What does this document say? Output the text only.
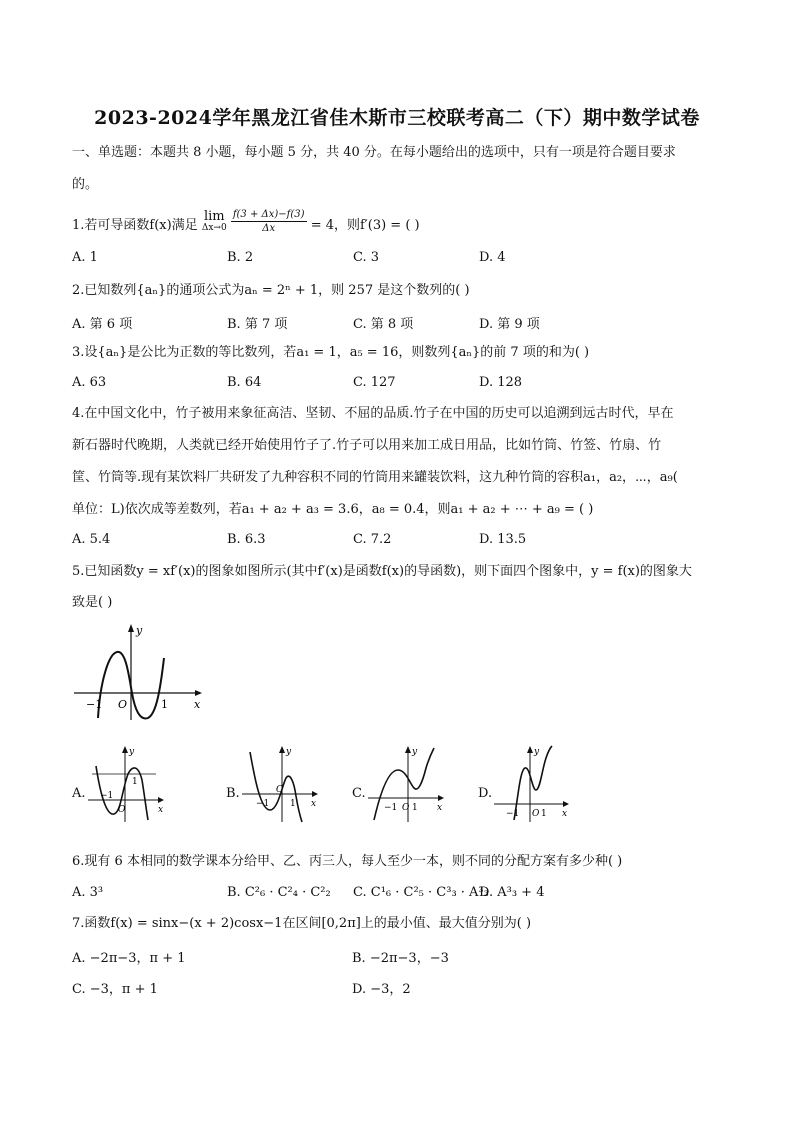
2023-2024学年黑龙江省佳木斯市三校联考高二（下）期中数学试卷
一、单选题：本题共 8 小题，每小题 5 分，共 40 分。在每小题给出的选项中，只有一项是符合题目要求
的。
1.若可导函数f(x)满足
lim
Δx→0
$\frac{f(3 + \Delta x)-f(3)}{\Delta x} = 4$，则f′(3) = ( )
A. 1	B. 2	C. 3	D. 4
2.已知数列{aₙ}的通项公式为aₙ = 2ⁿ + 1，则 257 是这个数列的( )
A. 第 6 项	B. 第 7 项	C. 第 8 项	D. 第 9 项
3.设{aₙ}是公比为正数的等比数列，若a₁ = 1，a₅ = 16，则数列{aₙ}的前 7 项的和为( )
A. 63	B. 64	C. 127	D. 128
4.在中国文化中，竹子被用来象征高洁、坚韧、不屈的品质.竹子在中国的历史可以追溯到远古时代，早在
新石器时代晚期，人类就已经开始使用竹子了.竹子可以用来加工成日用品，比如竹筒、竹签、竹扇、竹
筐、竹筒等.现有某饮料厂共研发了九种容积不同的竹筒用来罐装饮料，这九种竹筒的容积a₁，a₂，⋯，a₉(
单位：L)依次成等差数列，若a₁ + a₂ + a₃ = 3.6，a₈ = 0.4，则a₁ + a₂ + ⋯ + a₉ = ( )
A. 5.4	B. 6.3	C. 7.2	D. 13.5
5.已知函数y = xf′(x)的图象如图所示(其中f′(x)是函数f(x)的导函数)，则下面四个图象中，y = f(x)的图象大
致是( )
y
x
O
−1	1
A.
y
x
O
−1
1
B.
y
x
O
−1 1
C.
y
x
O
−1 1
D.
y
x
O
−1 1
6.现有 6 本相同的数学课本分给甲、乙、丙三人，每人至少一本，则不同的分配方案有多少种( )
A. 3³	B. C²₆ · C²₄ · C²₂ C. C¹₆ · C²₅ · C³₃ · A³₃
D. A³₃ + 4
7.函数f(x) = sinx−(x + 2)cosx−1在区间[0,2π]上的最小值、最大值分别为( )
A. −2π−3，π + 1	B. −2π−3，−3
C. −3，π + 1	D. −3，2
